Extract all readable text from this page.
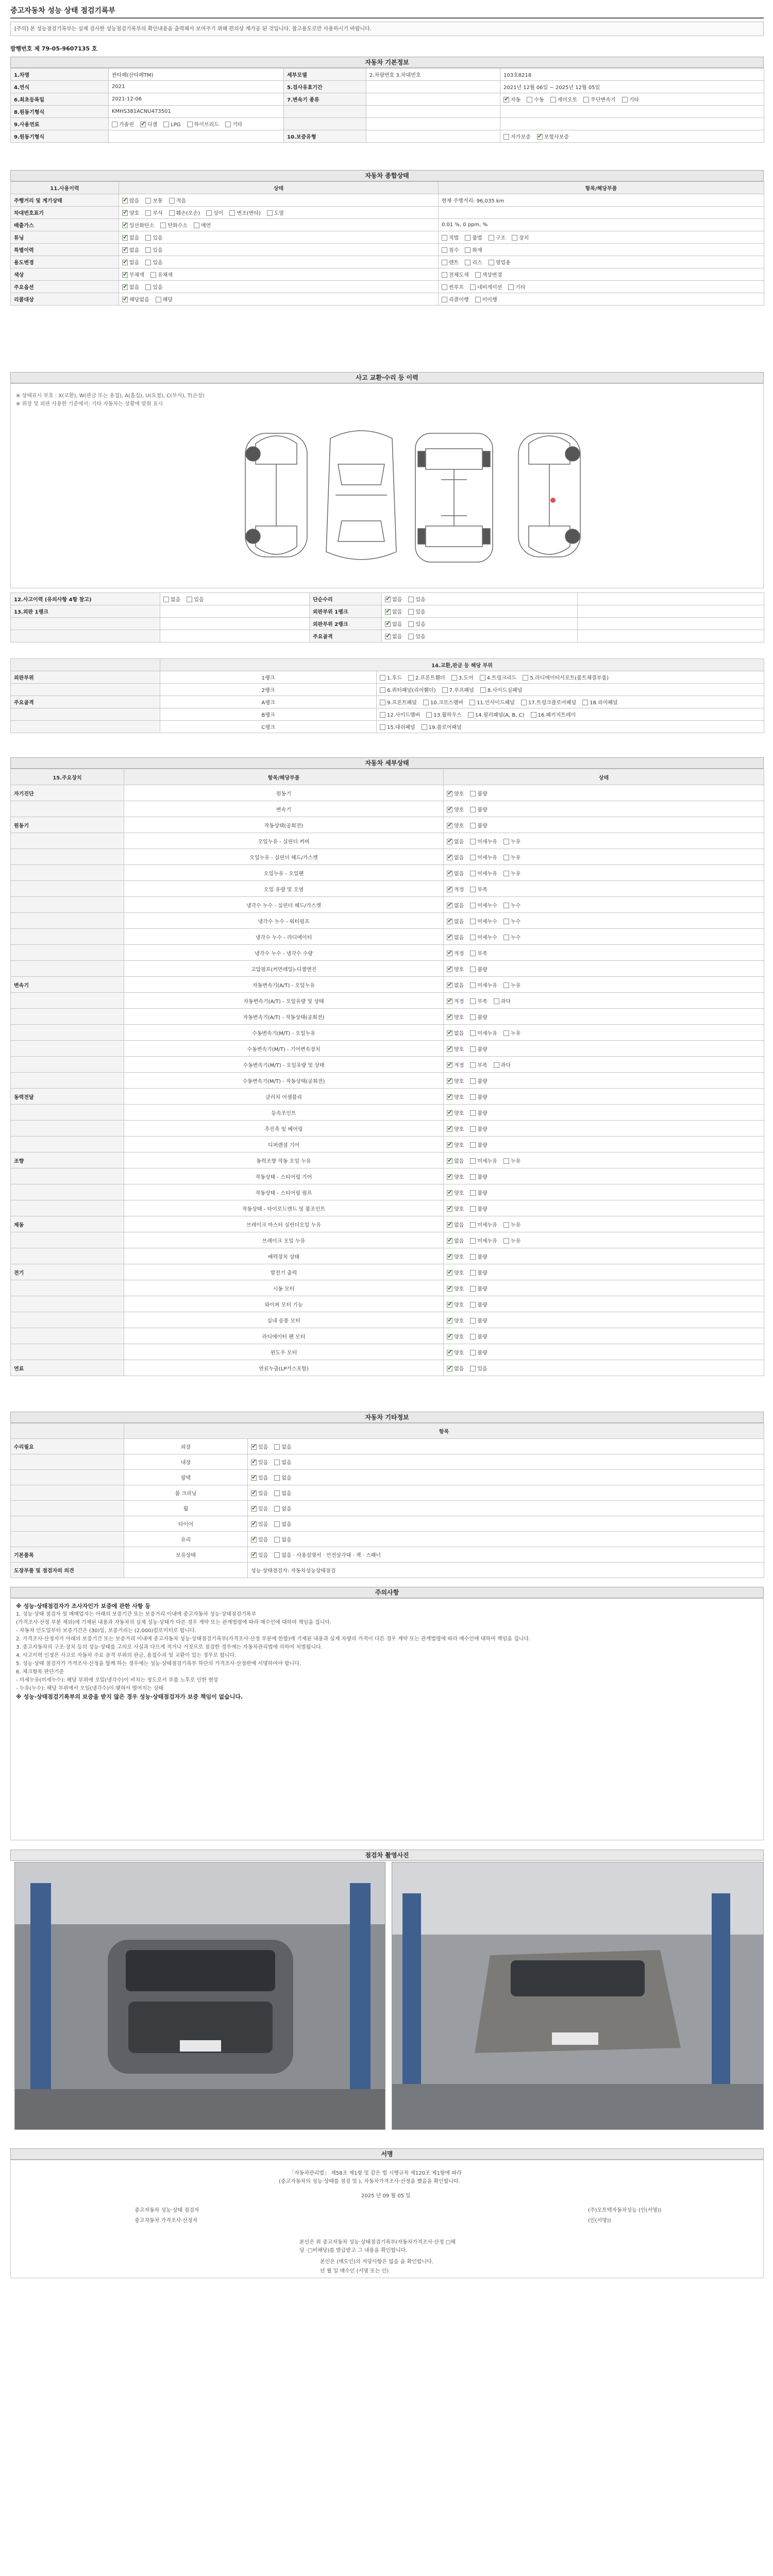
중고자동차 성능 상태 점검기록부
[주의] 본 성능점검기록부는 실제 검사한 성능점검기록부의 확인내용을 출력해서 보여주기 위해 편의상 재가공 된 것입니다. 참고용도로만 사용하시기 바랍니다.
발행번호 제 79-05-9607135 호
자동차 기본정보
1.차명	싼타페(산타페TM)	세부모델	2.차량번호 3.차대번호	103호8218
4.연식	2021	5.검사유효기간		2021년 12월 06일 ~ 2025년 12월 05일
6.최초등록일	2021-12-06	7.변속기 종류		✔자동 수동 세미오토 무단변속기 기타
8.원동기형식	KMHS381ACNU473501			
9.사용연료	가솔린 ✔ 디젤 LPG 하이브리드 기타			
9.원동기형식		10.보증유형		자가보증 ✔ 보험사보증
자동차 종합상태
11.사용이력	상태	항목/해당부품
주행거리 및 계기상태	✔많음 보통 적음	현재 주행거리: 96,035 km
차대번호표기	✔양호 부식 훼손(오손) 상이 변조(변타) 도말	
배출가스	✔일산화탄소 탄화수소 매연	0.01 %, 0 ppm, %
튜닝	✔없음 있음	적법 불법 구조 장치
특별이력	✔없음 있음	침수 화재
용도변경	✔없음 있음	렌트 리스 영업용
색상	✔무채색 유채색	전체도색 색상변경
주요옵션	✔없음 있음	썬루프 네비게이션 기타
리콜대상	✔해당없음 해당	리콜이행 미이행
사고 교환·수리 등 이력
※ 상태표시 부호 : X(교환), W(판금 또는 용접), A(흠집), U(요철), C(부식), T(손상)
※ 위장 및 외판 사용한 기준에서: 기타 자동차는 상황에 맞춰 표시
12.사고이력 (유의사항 4항 참고)	없음 있음	단순수리	✔없음 있음	
13.외판 1랭크		외판부위 1랭크	✔없음 있음	
		외판부위 2랭크	✔없음 있음	
		주요골격	✔없음 있음	
	14.교환,판금 등 해당 부위	
외판부위	1랭크	1.후드 2.프론트휀더 3.도어 4.트렁크리드 5.라디에이터서포트(볼트체결부품)
	2랭크	6.쿼터패널(리어휀더) 7.루프패널 8.사이드실패널
주요골격	A랭크	9.프론트패널 10.크로스멤버 11.인사이드패널 17.트렁크플로어패널 18.리어패널
	B랭크	12.사이드멤버 13.휠하우스 14.필러패널(A, B, C) 16.패키지트레이
	C랭크	15.대쉬패널 19.플로어패널
자동차 세부상태
15.주요장치	항목/해당부품	상태
자기진단	원동기	✔양호 불량
	변속기	✔양호 불량
원동기	작동상태(공회전)	✔양호 불량
	오일누유 - 실린더 커버	✔없음 미세누유 누유
	오일누유 - 실린더 헤드/가스켓	✔없음 미세누유 누유
	오일누유 - 오일팬	✔없음 미세누유 누유
	오일 유량 및 오염	✔적정 부족
	냉각수 누수 - 실린더 헤드/가스켓	✔없음 미세누수 누수
	냉각수 누수 - 워터펌프	✔없음 미세누수 누수
	냉각수 누수 - 라디에이터	✔없음 미세누수 누수
	냉각수 누수 - 냉각수 수량	✔적정 부족
	고압펌프(커먼레일)-디젤엔진	✔양호 불량
변속기	자동변속기(A/T) - 오일누유	✔없음 미세누유 누유
	자동변속기(A/T) - 오일유량 및 상태	✔적정 부족 과다
	자동변속기(A/T) - 작동상태(공회전)	✔양호 불량
	수동변속기(M/T) - 오일누유	✔없음 미세누유 누유
	수동변속기(M/T) - 기어변속장치	✔양호 불량
	수동변속기(M/T) - 오일유량 및 상태	✔적정 부족 과다
	수동변속기(M/T) - 작동상태(공회전)	✔양호 불량
동력전달	클러치 어셈블리	✔양호 불량
	등속조인트	✔양호 불량
	추진축 및 베어링	✔양호 불량
	디퍼렌셜 기어	✔양호 불량
조향	동력조향 작동 오일 누유	✔없음 미세누유 누유
	작동상태 - 스티어링 기어	✔양호 불량
	작동상태 - 스티어링 펌프	✔양호 불량
	작동상태 - 타이로드엔드 및 볼조인트	✔양호 불량
제동	브레이크 마스터 실린더오일 누유	✔없음 미세누유 누유
	브레이크 오일 누유	✔없음 미세누유 누유
	배력장치 상태	✔양호 불량
전기	발전기 출력	✔양호 불량
	시동 모터	✔양호 불량
	와이퍼 모터 기능	✔양호 불량
	실내 송풍 모터	✔양호 불량
	라디에이터 팬 모터	✔양호 불량
	윈도우 모터	✔양호 불량
연료	연료누출(LP가스포함)	✔없음 있음
자동차 기타정보
	항목	
수리필요	외장	✔있음 없음
	내장	✔있음 없음
	광택	✔있음 없음
	룸 크리닝	✔있음 없음
	휠	✔있음 없음
	타이어	✔있음 없음
	유리	✔있음 없음
기본품목	보유상태	✔있음 없음 · 사용설명서 · 안전삼각대 · 잭 · 스패너
도장부품 및 점검자의 의견		성능·상태점검자: 자동차성능상태점검
주의사항

※ 성능·상태점검자가 조사자인가 보증에 관한 사항 등

1. 성능·상태 점검자 및 매매업자는 아래의 보증기간 또는 보증거리 이내에 중고자동차 성능·상태점검기록부

(가격조사·산정 부분 제외)에 기재된 내용과 자동차의 실제 성능·상태가 다른 경우 계약 또는 관계법령에 따라 매수인에 대하여 책임을 집니다.

- 자동차 인도일부터 보증기간은 (30)일, 보증거리는 (2,000)킬로미터로 합니다.

2. 가격조사·산정자가 아래의 보증기간 또는 보증거리 이내에 중고자동차 성능·상태점검기록부(가격조사·산정 부분에 한함)에 기재된 내용과 실제 차량의 가격이 다른 경우 계약 또는 관계법령에 따라 매수인에 대하여 책임을 집니다.

3. 중고자동차의 구조·장치 등의 성능·상태를 고의로 사실과 다르게 적거나 거짓으로 점검한 경우에는 자동차관리법에 의하여 처벌됩니다.

4. 사고이력 인정은 사고로 자동차 주요 골격 부위의 판금, 용접수리 및 교환이 있는 경우로 합니다.

5. 성능·상태 점검자가 가격조사·산정을 함께 하는 경우에는 성능·상태점검기록부 하단의 가격조사·산정란에 서명하여야 합니다.

6. 체크항목 판단기준

- 미세누유(미세누수): 해당 부위에 오일(냉각수)이 비치는 정도로서 부품 노후로 인한 현상

- 누유(누수): 해당 부위에서 오일(냉각수)이 맺혀서 떨어지는 상태

※ 성능·상태점검기록부의 보증을 받지 않은 경우 성능·상태점검자가 보증 책임이 없습니다.

점검차 촬영사진
서명
「자동차관리법」 제58조 제1항 및 같은 법 시행규칙 제120조 제1항에 따라
(중고자동차의 성능·상태를 점검 및 ), 자동차가격조사·산정을 했음을 확인합니다.
2025 년 09 월 05 일
중고자동차 성능·상태 점검자	(주)오토텍자동차성능 (인(서명))
중고자동차 가격조사·산정자	(인(서명))
본인은 위 중고자동차 성능·상태점검기록부(자동차가격조사·산정 □해
당 ·□비해당)를 발급받고 그 내용을 확인합니다.
본인은 (매도인)의 저당사항은 없음 을 확인합니다.
년 월 일 매수인 (서명 또는 인)
